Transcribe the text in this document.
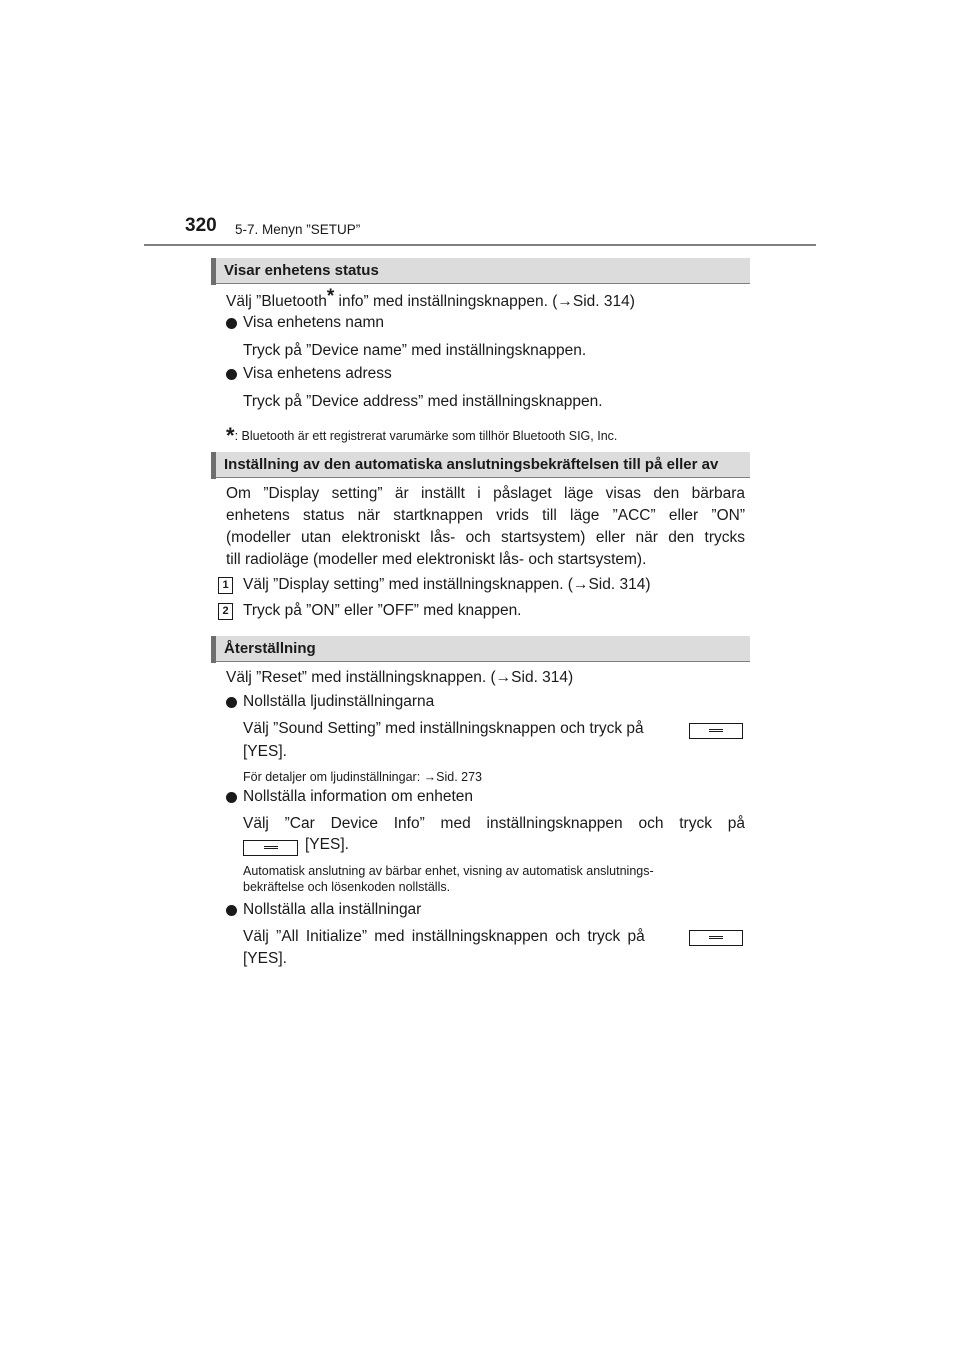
320 5-7. Menyn ”SETUP”
Visar enhetens status
Välj ”Bluetooth* info” med inställningsknappen. (→Sid. 314)
Visa enhetens namn
Tryck på ”Device name” med inställningsknappen.
Visa enhetens adress
Tryck på ”Device address” med inställningsknappen.
*: Bluetooth är ett registrerat varumärke som tillhör Bluetooth SIG, Inc.
Inställning av den automatiska anslutningsbekräftelsen till på eller av
Om ”Display setting” är inställt i påslaget läge visas den bärbara
enhetens status när startknappen vrids till läge ”ACC” eller ”ON”
(modeller utan elektroniskt lås- och startsystem) eller när den trycks
till radioläge (modeller med elektroniskt lås- och startsystem).
1 Välj ”Display setting” med inställningsknappen. (→Sid. 314)
2 Tryck på ”ON” eller ”OFF” med knappen.
Återställning
Välj ”Reset” med inställningsknappen. (→Sid. 314)
Nollställa ljudinställningarna
Välj ”Sound Setting” med inställningsknappen och tryck på
[YES].
För detaljer om ljudinställningar: →Sid. 273
Nollställa information om enheten
Välj ”Car Device Info” med inställningsknappen och tryck på
[YES].
Automatisk anslutning av bärbar enhet, visning av automatisk anslutnings-
bekräftelse och lösenkoden nollställs.
Nollställa alla inställningar
Välj ”All Initialize” med inställningsknappen och tryck på
[YES].
